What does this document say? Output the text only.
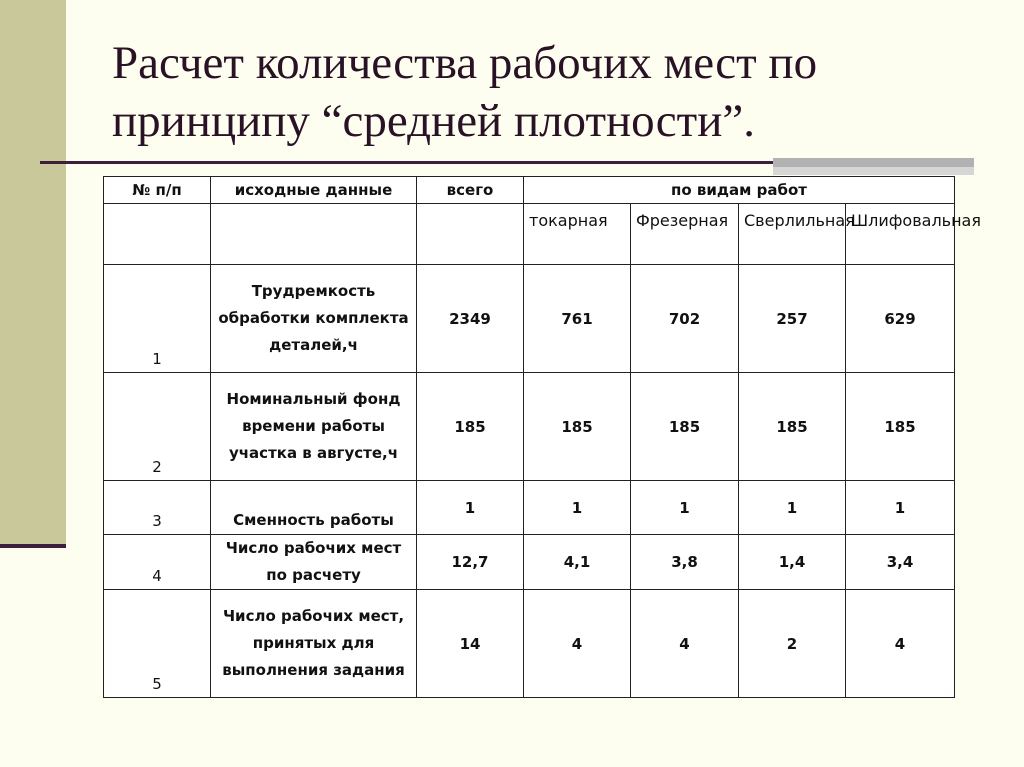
Расчет количества рабочих мест по принципу “средней плотности”.
№ п/п	исходные данные	всего	по видам работ			
			токарная	Фрезерная	Сверлильная	Шлифовальная
1	Трудремкость обработки комплекта деталей,ч	2349	761	702	257	629
2	Номинальный фонд времени работы участка в августе,ч	185	185	185	185	185
3	Сменность работы	1	1	1	1	1
4	Число рабочих мест по расчету	12,7	4,1	3,8	1,4	3,4
5	Число рабочих мест, принятых для выполнения задания	14	4	4	2	4
